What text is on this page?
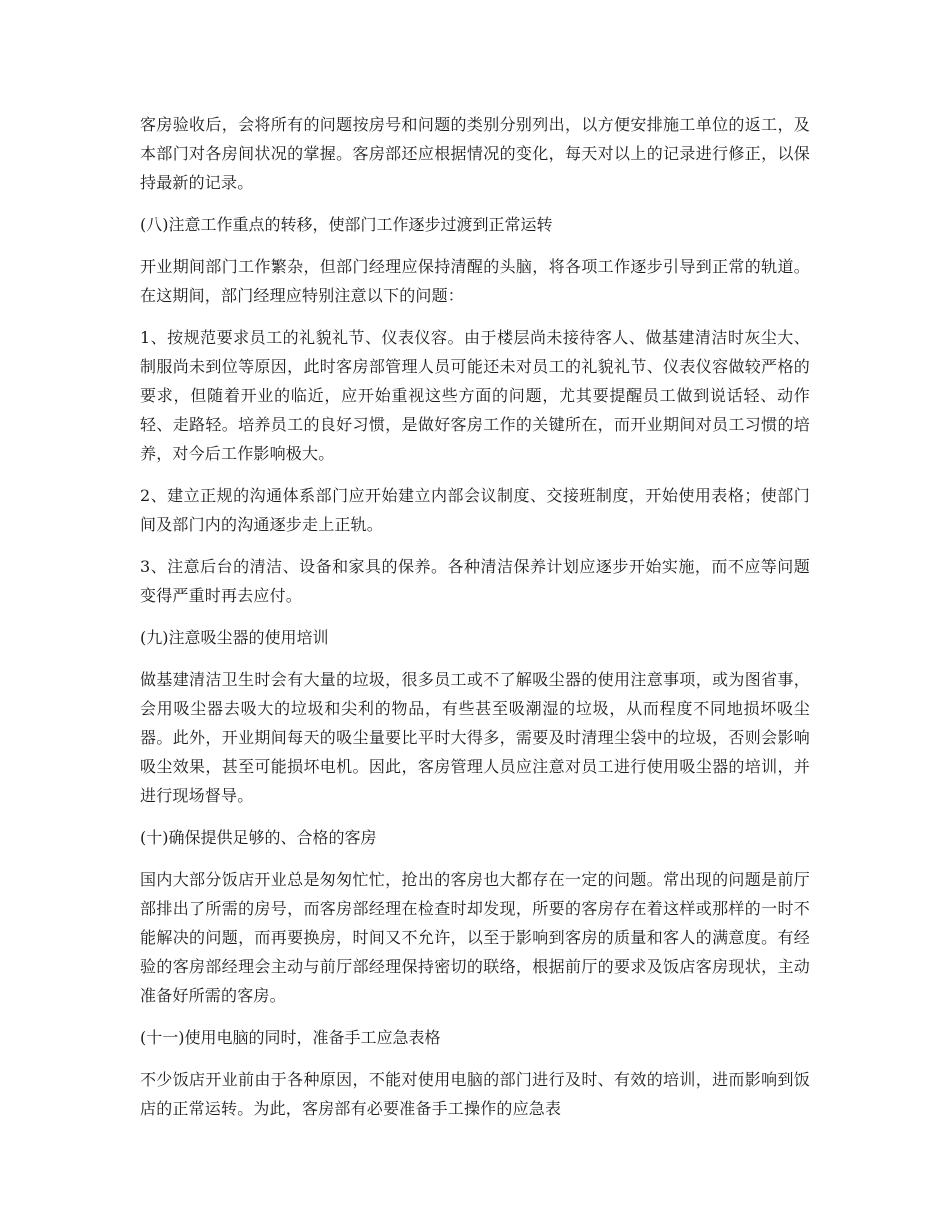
客房验收后，会将所有的问题按房号和问题的类别分别列出，以方便安排施工单位的返工，及本部门对各房间状况的掌握。客房部还应根据情况的变化，每天对以上的记录进行修正，以保持最新的记录。

(八)注意工作重点的转移，使部门工作逐步过渡到正常运转

开业期间部门工作繁杂，但部门经理应保持清醒的头脑，将各项工作逐步引导到正常的轨道。在这期间，部门经理应特别注意以下的问题：

1、按规范要求员工的礼貌礼节、仪表仪容。由于楼层尚未接待客人、做基建清洁时灰尘大、制服尚未到位等原因，此时客房部管理人员可能还未对员工的礼貌礼节、仪表仪容做较严格的要求，但随着开业的临近，应开始重视这些方面的问题，尤其要提醒员工做到说话轻、动作轻、走路轻。培养员工的良好习惯，是做好客房工作的关键所在，而开业期间对员工习惯的培养，对今后工作影响极大。

2、建立正规的沟通体系部门应开始建立内部会议制度、交接班制度，开始使用表格；使部门间及部门内的沟通逐步走上正轨。

3、注意后台的清洁、设备和家具的保养。各种清洁保养计划应逐步开始实施，而不应等问题变得严重时再去应付。

(九)注意吸尘器的使用培训

做基建清洁卫生时会有大量的垃圾，很多员工或不了解吸尘器的使用注意事项，或为图省事，会用吸尘器去吸大的垃圾和尖利的物品，有些甚至吸潮湿的垃圾，从而程度不同地损坏吸尘器。此外，开业期间每天的吸尘量要比平时大得多，需要及时清理尘袋中的垃圾，否则会影响吸尘效果，甚至可能损坏电机。因此，客房管理人员应注意对员工进行使用吸尘器的培训，并进行现场督导。

(十)确保提供足够的、合格的客房

国内大部分饭店开业总是匆匆忙忙，抢出的客房也大都存在一定的问题。常出现的问题是前厅部排出了所需的房号，而客房部经理在检查时却发现，所要的客房存在着这样或那样的一时不能解决的问题，而再要换房，时间又不允许，以至于影响到客房的质量和客人的满意度。有经验的客房部经理会主动与前厅部经理保持密切的联络，根据前厅的要求及饭店客房现状，主动准备好所需的客房。

(十一)使用电脑的同时，准备手工应急表格

不少饭店开业前由于各种原因，不能对使用电脑的部门进行及时、有效的培训，进而影响到饭店的正常运转。为此，客房部有必要准备手工操作的应急表
